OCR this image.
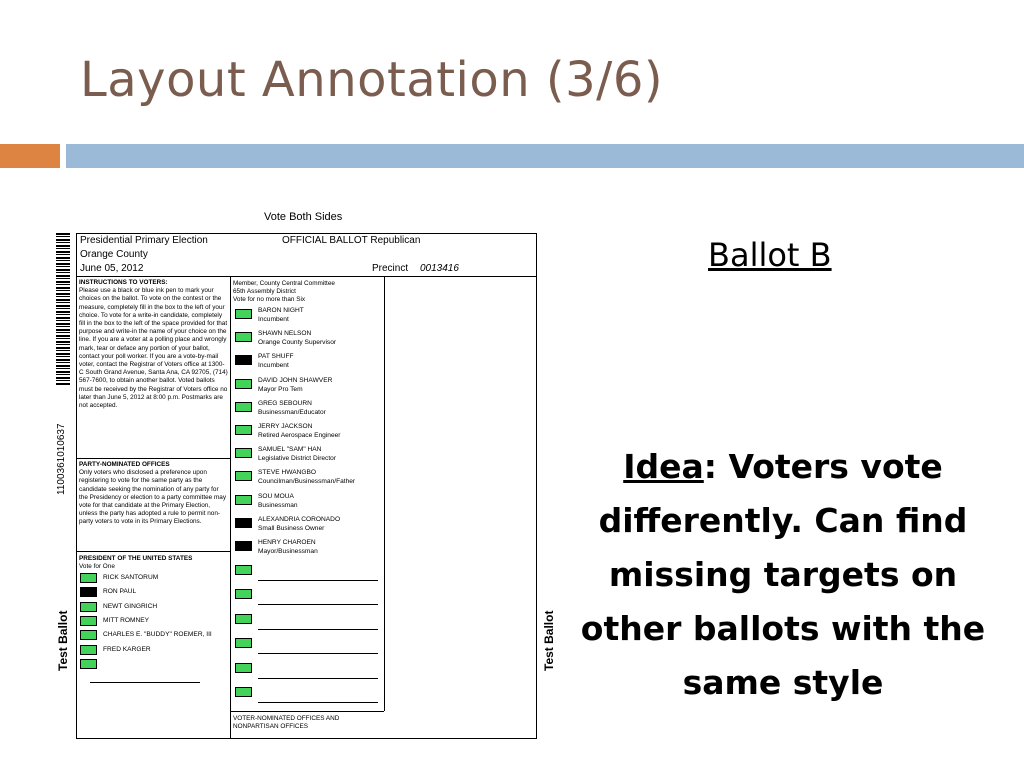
Layout Annotation (3/6)
Vote Both Sides
1100361010637
Test Ballot	Test Ballot
Presidential Primary Election
Orange County
June 05, 2012
OFFICIAL BALLOT Republican
Precinct 0013416
INSTRUCTIONS TO VOTERS:
Please use a black or blue ink pen to mark your choices on the ballot. To vote on the contest or the measure, completely fill in the box to the left of your choice. To vote for a write-in candidate, completely fill in the box to the left of the space provided for that purpose and write-in the name of your choice on the line. If you are a voter at a polling place and wrongly mark, tear or deface any portion of your ballot, contact your poll worker. If you are a vote-by-mail voter, contact the Registrar of Voters office at 1300-C South Grand Avenue, Santa Ana, CA 92705, (714) 567-7600, to obtain another ballot. Voted ballots must be received by the Registrar of Voters office no later than June 5, 2012 at 8:00 p.m. Postmarks are not accepted.
PARTY-NOMINATED OFFICES
Only voters who disclosed a preference upon registering to vote for the same party as the candidate seeking the nomination of any party for the Presidency or election to a party committee may vote for that candidate at the Primary Election, unless the party has adopted a rule to permit non-party voters to vote in its Primary Elections.
PRESIDENT OF THE UNITED STATES
Vote for One
RICK SANTORUM
RON PAUL
NEWT GINGRICH
MITT ROMNEY
CHARLES E. "BUDDY" ROEMER, III
FRED KARGER
Member, County Central Committee
65th Assembly District
Vote for no more than Six
BARON NIGHT
Incumbent
SHAWN NELSON
Orange County Supervisor
PAT SHUFF
Incumbent
DAVID JOHN SHAWVER
Mayor Pro Tem
GREG SEBOURN
Businessman/Educator
JERRY JACKSON
Retired Aerospace Engineer
SAMUEL "SAM" HAN
Legislative District Director
STEVE HWANGBO
Councilman/Businessman/Father
SOU MOUA
Businessman
ALEXANDRIA CORONADO
Small Business Owner
HENRY CHAROEN
Mayor/Businessman
VOTER-NOMINATED OFFICES AND
NONPARTISAN OFFICES
Ballot B
Idea: Voters vote differently. Can find missing targets on other ballots with the same style
